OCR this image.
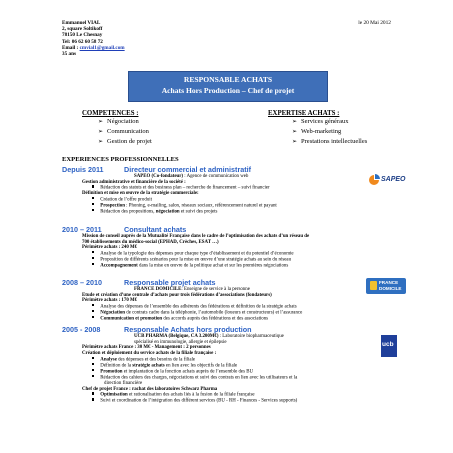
Emmanuel VIAL
2, square Soltikoff
78150 Le Chesnay
Tel: 06 62 60 58 72
Email : cmvial1@gmail.com
35 ans
le 20 Mai 2012
RESPONSABLE ACHATS
Achats Hors Production – Chef de projet
COMPETENCES :
➢ Négociation
➢ Communication
➢ Gestion de projet
EXPERTISE ACHATS :
➢ Services généraux
➢ Web-marketing
➢ Prestations intellectuelles
EXPERIENCES PROFESSIONNELLES
Depuis 2011	Directeur commercial et administratif
SAPEO (Co-fondateur) : Agence de communication web
Gestion administrative et financière de la société :
Rédaction des statuts et des business plan – recherche de financement – suivi financier
Définition et mise en œuvre de la stratégie commerciale:
Création de l’offre produit
Prospection : Phoning, e-mailing, salon, réseaux sociaux, référencement naturel et payant
Rédaction des propositions, négociation et suivi des projets
2010 – 2011	Consultant achats
Mission de conseil auprès de la Mutualité Française dans le cadre de l’optimisation des achats d’un réseau de
700 établissements du médico-social (EPHAD, Crèches, ESAT …)
Périmètre achats : 240 M€
Analyse de la typologie des dépenses pour chaque type d’établissement et du potentiel d’économie
Proposition de différents scénarios pour la mise en œuvre d’une stratégie achats au sein du réseau
Accompagnement dans la mise en œuvre de la politique achat et sur les premières négociations
2008 – 2010	Responsable projet achats
FRANCE DOMICILE: Enseigne de service à la personne
Etude et création d’une centrale d’achats pour trois fédérations d’associations (fondateurs)
Périmètre achats : 170 M€
Analyse des dépenses de l’ensemble des adhérents des fédérations et définition de la stratégie achats
Négociation de contrats cadre dans la téléphonie, l’automobile (loueurs et constructeurs) et l’assurance
Communication et promotion des accords auprès des fédérations et des associations
2005 - 2008	Responsable Achats hors production
UCB PHARMA (Belgique, CA 3.200M€) : Laboratoire biopharmaceutique
spécialisé en immunologie, allergie et épilepsie
Périmètre achats France : 30 M€ - Management : 2 personnes
Création et déploiement du service achats de la filiale française :
Analyse des dépenses et des besoins de la filiale
Définition de la stratégie achats en lien avec les objectifs de la filiale
Promotion et implantation de la fonction achats auprès de l’ensemble des BU
Rédaction des cahiers des charges, négociations et suivi des contrats en lien avec les utilisateurs et la
direction financière
Chef de projet France : rachat des laboratoires Schwarz Pharma
Optimisation et rationalisation des achats liés à la fusion de la filiale française
Suivi et coordination de l’intégration des différent services (BU - RH - Finances - Services supports)
SAPEO
FRANCE
DOMICILE
ucb
